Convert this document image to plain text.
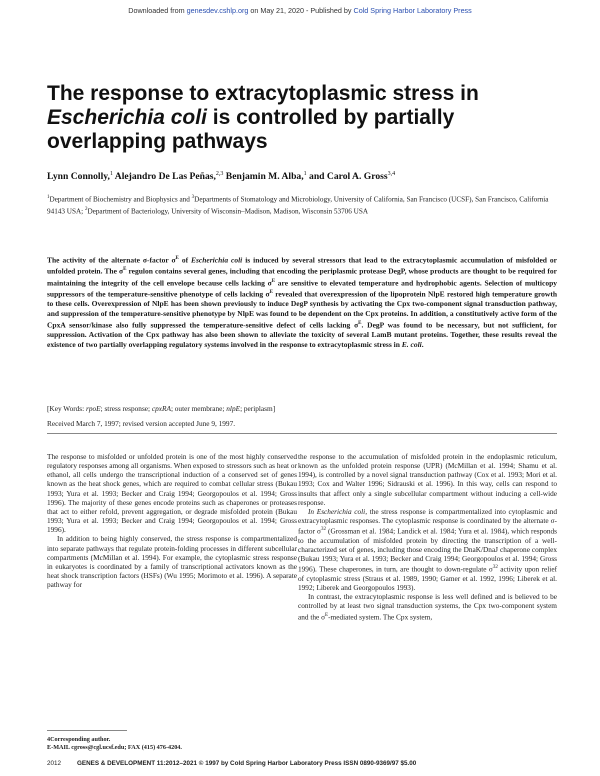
Downloaded from genesdev.cshlp.org on May 21, 2020 - Published by Cold Spring Harbor Laboratory Press
The response to extracytoplasmic stress in Escherichia coli is controlled by partially overlapping pathways
Lynn Connolly,$^1$ Alejandro De Las Peñas,$^{2,3}$ Benjamin M. Alba,$^1$ and Carol A. Gross$^{3,4}$
$^1$Department of Biochemistry and Biophysics and $^3$Departments of Stomatology and Microbiology, University of California, San Francisco (UCSF), San Francisco, California 94143 USA; $^2$Department of Bacteriology, University of Wisconsin–Madison, Madison, Wisconsin 53706 USA
The activity of the alternate σ-factor $\sigma^E$ of Escherichia coli is induced by several stressors that lead to the extracytoplasmic accumulation of misfolded or unfolded protein. The $\sigma^E$ regulon contains several genes, including that encoding the periplasmic protease DegP, whose products are thought to be required for maintaining the integrity of the cell envelope because cells lacking $\sigma^E$ are sensitive to elevated temperature and hydrophobic agents. Selection of multicopy suppressors of the temperature-sensitive phenotype of cells lacking $\sigma^E$ revealed that overexpression of the lipoprotein NlpE restored high temperature growth to these cells. Overexpression of NlpE has been shown previously to induce DegP synthesis by activating the Cpx two-component signal transduction pathway, and suppression of the temperature-sensitive phenotype by NlpE was found to be dependent on the Cpx proteins. In addition, a constitutively active form of the CpxA sensor/kinase also fully suppressed the temperature-sensitive defect of cells lacking $\sigma^E$. DegP was found to be necessary, but not sufficient, for suppression. Activation of the Cpx pathway has also been shown to alleviate the toxicity of several LamB mutant proteins. Together, these results reveal the existence of two partially overlapping regulatory systems involved in the response to extracytoplasmic stress in E. coli.
[Key Words: rpoE; stress response; cpxRA; outer membrane; nlpE; periplasm]
Received March 7, 1997; revised version accepted June 9, 1997.

The response to misfolded or unfolded protein is one of the most highly conserved regulatory responses among all organisms. When exposed to stressors such as heat or ethanol, all cells undergo the transcriptional induction of a conserved set of genes known as the heat shock genes, which are required to combat cellular stress (Bukau 1993; Yura et al. 1993; Becker and Craig 1994; Georgopoulos et al. 1994; Gross 1996). The majority of these genes encode proteins such as chaperones or proteases that act to either refold, prevent aggregation, or degrade misfolded protein (Bukau 1993; Yura et al. 1993; Becker and Craig 1994; Georgopoulos et al. 1994; Gross 1996).

In addition to being highly conserved, the stress response is compartmentalized into separate pathways that regulate protein-folding processes in different subcellular compartments (McMillan et al. 1994). For example, the cytoplasmic stress response in eukaryotes is coordinated by a family of transcriptional activators known as the heat shock transcription factors (HSFs) (Wu 1995; Morimoto et al. 1996). A separate pathway for

the response to the accumulation of misfolded protein in the endoplasmic reticulum, known as the unfolded protein response (UPR) (McMillan et al. 1994; Shamu et al. 1994), is controlled by a novel signal transduction pathway (Cox et al. 1993; Mori et al. 1993; Cox and Walter 1996; Sidrauski et al. 1996). In this way, cells can respond to insults that affect only a single subcellular compartment without inducing a cell-wide response.

In Escherichia coli, the stress response is compartmentalized into cytoplasmic and extracytoplasmic responses. The cytoplasmic response is coordinated by the alternate σ-factor $\sigma^{32}$ (Grossman et al. 1984; Landick et al. 1984; Yura et al. 1984), which responds to the accumulation of misfolded protein by directing the transcription of a well-characterized set of genes, including those encoding the DnaK/DnaJ chaperone complex (Bukau 1993; Yura et al. 1993; Becker and Craig 1994; Georgopoulos et al. 1994; Gross 1996). These chaperones, in turn, are thought to down-regulate $\sigma^{32}$ activity upon relief of cytoplasmic stress (Straus et al. 1989, 1990; Gamer et al. 1992, 1996; Liberek et al. 1992; Liberek and Georgopoulos 1993).

In contrast, the extracytoplasmic response is less well defined and is believed to be controlled by at least two signal transduction systems, the Cpx two-component system and the $\sigma^E$-mediated system. The Cpx system,

4Corresponding author.
E-MAIL cgross@cgl.ucsf.edu; FAX (415) 476-4204.
2012	GENES & DEVELOPMENT 11:2012–2021 © 1997 by Cold Spring Harbor Laboratory Press ISSN 0890-9369/97 $5.00
